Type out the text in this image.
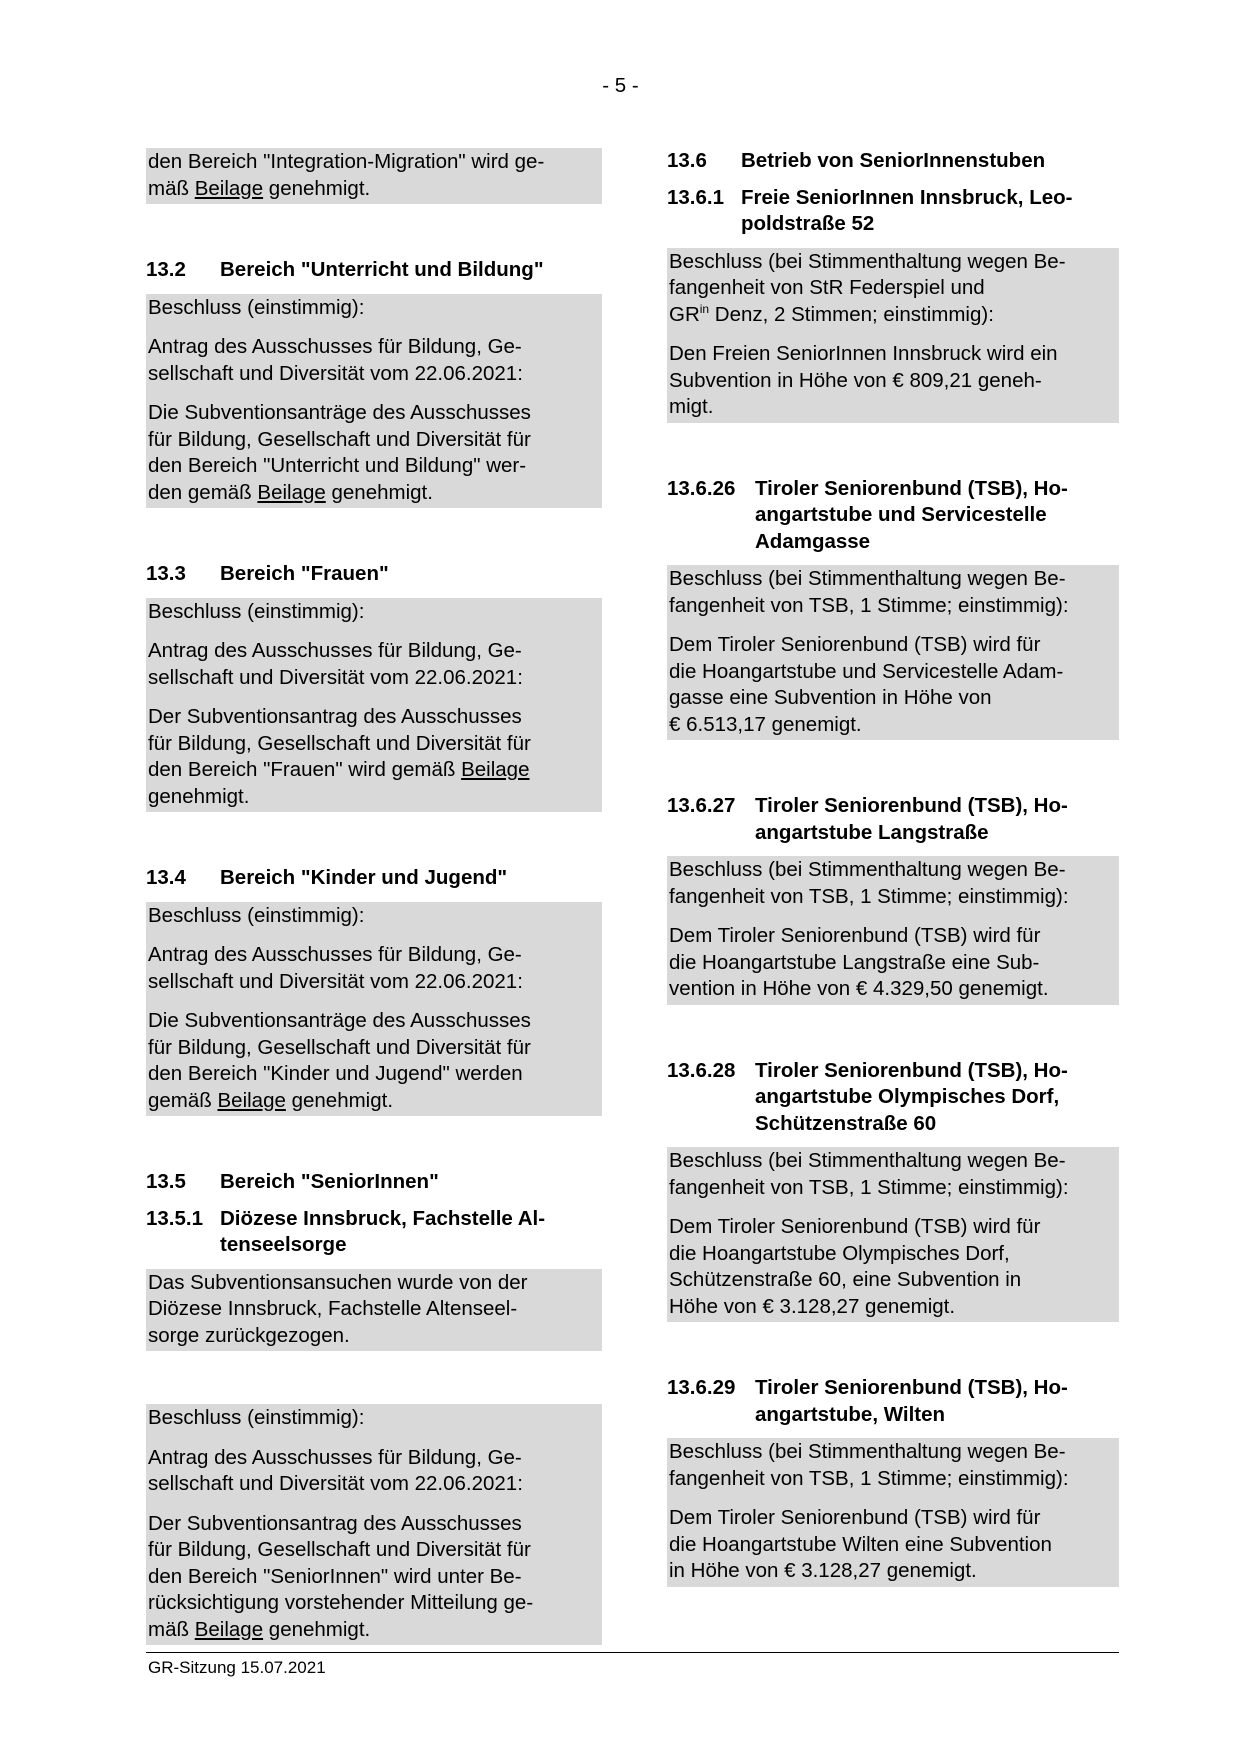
- 5 -
den Bereich "Integration-Migration" wird ge-
mäß Beilage genehmigt.
13.2	Bereich "Unterricht und Bildung"
Beschluss (einstimmig):
Antrag des Ausschusses für Bildung, Ge-
sellschaft und Diversität vom 22.06.2021:
Die Subventionsanträge des Ausschusses
für Bildung, Gesellschaft und Diversität für
den Bereich "Unterricht und Bildung" wer-
den gemäß Beilage genehmigt.
13.3	Bereich "Frauen"
Beschluss (einstimmig):
Antrag des Ausschusses für Bildung, Ge-
sellschaft und Diversität vom 22.06.2021:
Der Subventionsantrag des Ausschusses
für Bildung, Gesellschaft und Diversität für
den Bereich "Frauen" wird gemäß Beilage
genehmigt.
13.4	Bereich "Kinder und Jugend"
Beschluss (einstimmig):
Antrag des Ausschusses für Bildung, Ge-
sellschaft und Diversität vom 22.06.2021:
Die Subventionsanträge des Ausschusses
für Bildung, Gesellschaft und Diversität für
den Bereich "Kinder und Jugend" werden
gemäß Beilage genehmigt.
13.5	Bereich "SeniorInnen"
13.5.1 Diözese Innsbruck, Fachstelle Al-
tenseelsorge
Das Subventionsansuchen wurde von der
Diözese Innsbruck, Fachstelle Altenseel-
sorge zurückgezogen.
Beschluss (einstimmig):
Antrag des Ausschusses für Bildung, Ge-
sellschaft und Diversität vom 22.06.2021:
Der Subventionsantrag des Ausschusses
für Bildung, Gesellschaft und Diversität für
den Bereich "SeniorInnen" wird unter Be-
rücksichtigung vorstehender Mitteilung ge-
mäß Beilage genehmigt.
13.6	Betrieb von SeniorInnenstuben
13.6.1 Freie SeniorInnen Innsbruck, Leo-
poldstraße 52
Beschluss (bei Stimmenthaltung wegen Be-
fangenheit von StR Federspiel und
$GR^{in}$ Denz, 2 Stimmen; einstimmig):
Den Freien SeniorInnen Innsbruck wird ein
Subvention in Höhe von € 809,21 geneh-
migt.
13.6.26 Tiroler Seniorenbund (TSB), Ho-
angartstube und Servicestelle
Adamgasse
Beschluss (bei Stimmenthaltung wegen Be-
fangenheit von TSB, 1 Stimme; einstimmig):
Dem Tiroler Seniorenbund (TSB) wird für
die Hoangartstube und Servicestelle Adam-
gasse eine Subvention in Höhe von
€ 6.513,17 genemigt.
13.6.27 Tiroler Seniorenbund (TSB), Ho-
angartstube Langstraße
Beschluss (bei Stimmenthaltung wegen Be-
fangenheit von TSB, 1 Stimme; einstimmig):
Dem Tiroler Seniorenbund (TSB) wird für
die Hoangartstube Langstraße eine Sub-
vention in Höhe von € 4.329,50 genemigt.
13.6.28 Tiroler Seniorenbund (TSB), Ho-
angartstube Olympisches Dorf,
Schützenstraße 60
Beschluss (bei Stimmenthaltung wegen Be-
fangenheit von TSB, 1 Stimme; einstimmig):
Dem Tiroler Seniorenbund (TSB) wird für
die Hoangartstube Olympisches Dorf,
Schützenstraße 60, eine Subvention in
Höhe von € 3.128,27 genemigt.
13.6.29 Tiroler Seniorenbund (TSB), Ho-
angartstube, Wilten
Beschluss (bei Stimmenthaltung wegen Be-
fangenheit von TSB, 1 Stimme; einstimmig):
Dem Tiroler Seniorenbund (TSB) wird für
die Hoangartstube Wilten eine Subvention
in Höhe von € 3.128,27 genemigt.
GR-Sitzung 15.07.2021
